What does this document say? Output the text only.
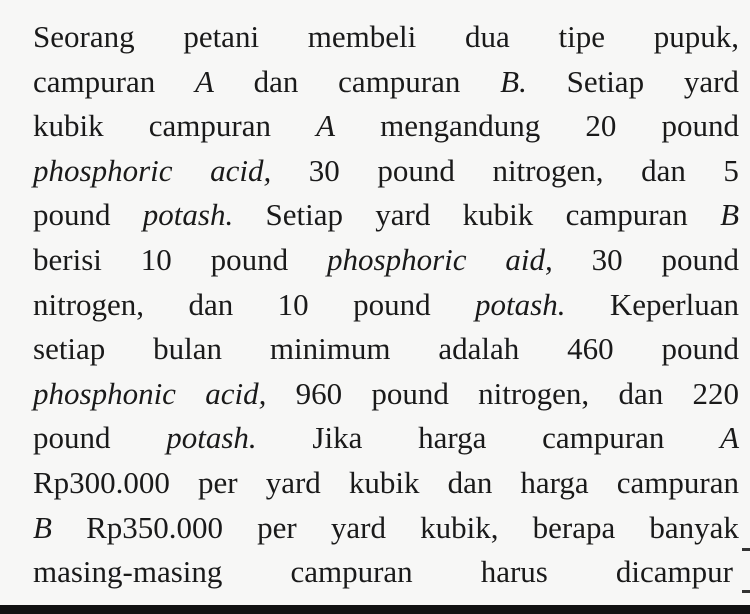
Seorang petani membeli dua tipe pupuk,
campuran A dan campuran B. Setiap yard
kubik campuran A mengandung 20 pound
phosphoric acid, 30 pound nitrogen, dan 5
pound potash. Setiap yard kubik campuran B
berisi 10 pound phosphoric aid, 30 pound
nitrogen, dan 10 pound potash. Keperluan
setiap bulan minimum adalah 460 pound
phosphonic acid, 960 pound nitrogen, dan 220
pound potash. Jika harga campuran A
Rp300.000 per yard kubik dan harga campuran
B Rp350.000 per yard kubik, berapa banyak
masing-masing campuran harus dicampur
